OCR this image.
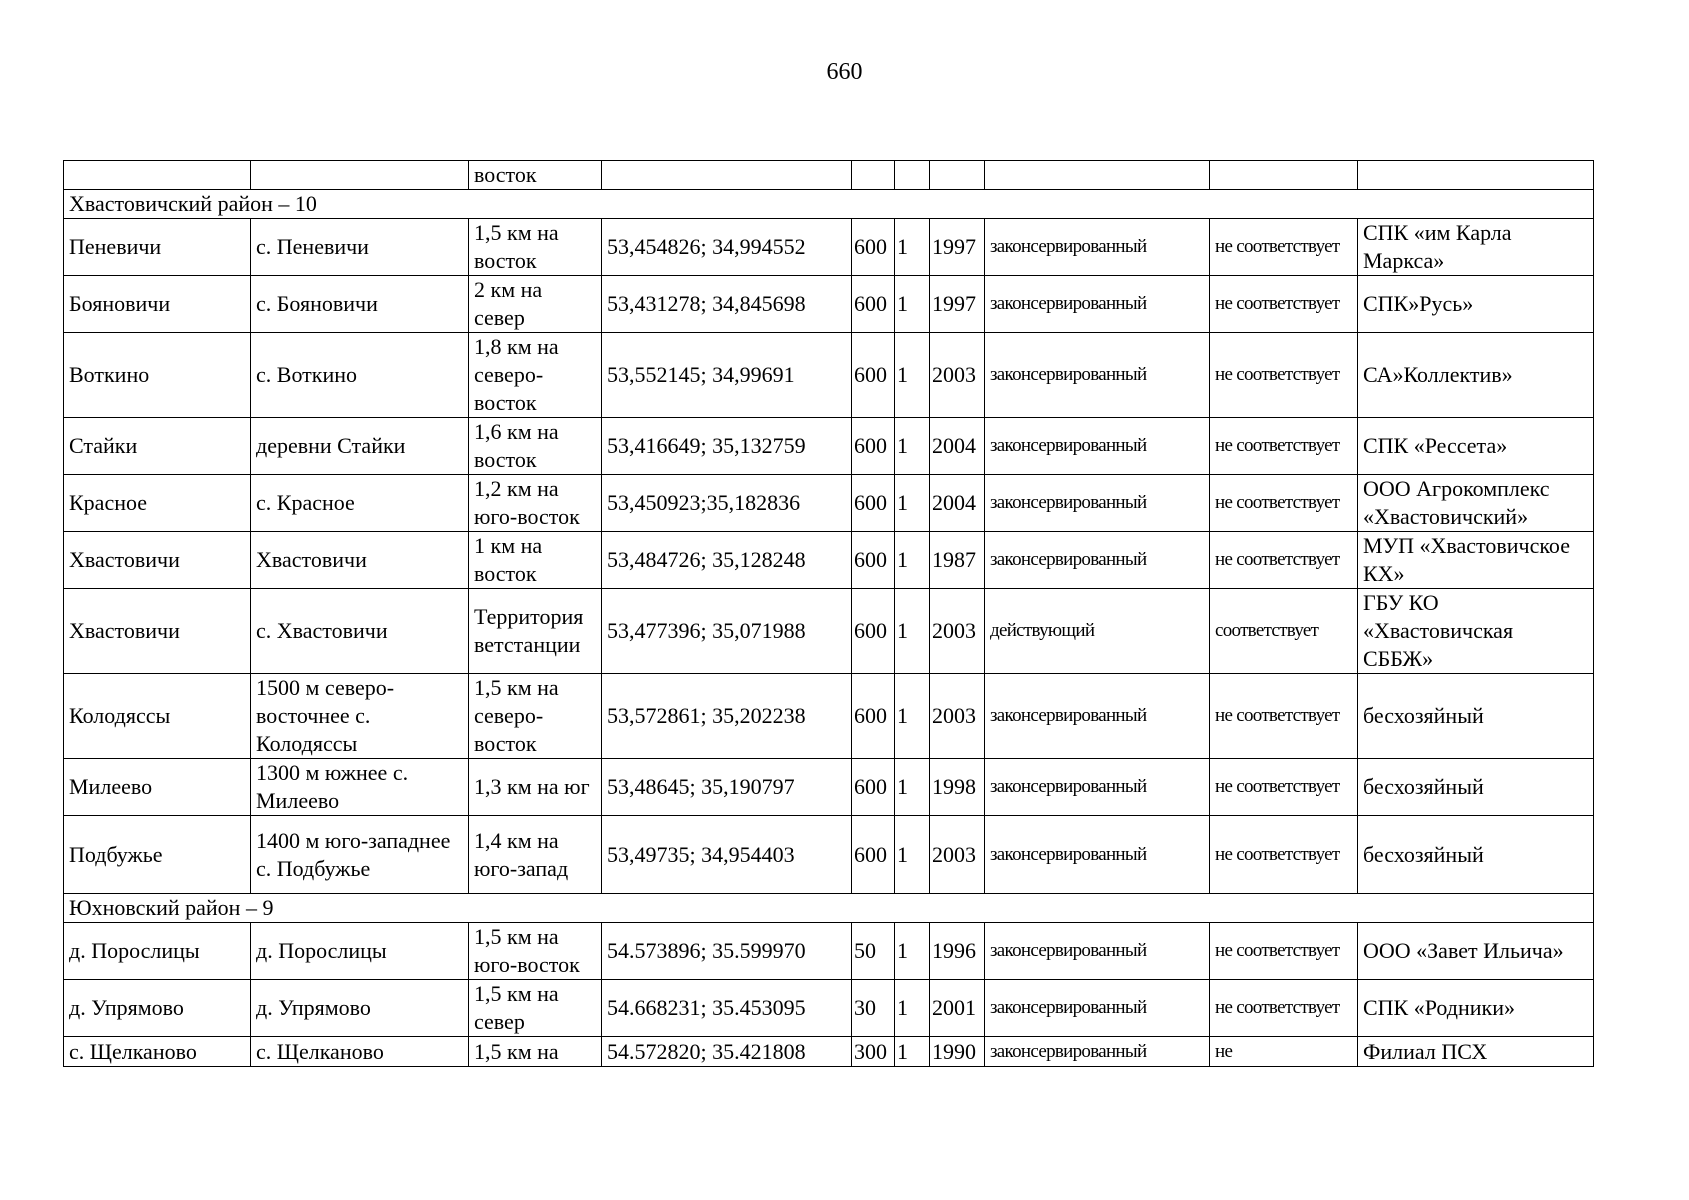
660
		восток							
Хвастовичский район – 10									
Пеневичи	с. Пеневичи	1,5 км на восток	53,454826; 34,994552	600	1	1997	законсервированный	не соответствует	СПК «им Карла Маркса»
Бояновичи	с. Бояновичи	2 км на север	53,431278; 34,845698	600	1	1997	законсервированный	не соответствует	СПК»Русь»
Воткино	с. Воткино	1,8 км на северо-восток	53,552145; 34,99691	600	1	2003	законсервированный	не соответствует	СА»Коллектив»
Стайки	деревни Стайки	1,6 км на восток	53,416649; 35,132759	600	1	2004	законсервированный	не соответствует	СПК «Рессета»
Красное	с. Красное	1,2 км на юго-восток	53,450923;35,182836	600	1	2004	законсервированный	не соответствует	ООО Агрокомплекс «Хвастовичский»
Хвастовичи	Хвастовичи	1 км на восток	53,484726; 35,128248	600	1	1987	законсервированный	не соответствует	МУП «Хвастовичское КХ»
Хвастовичи	с. Хвастовичи	Территория ветстанции	53,477396; 35,071988	600	1	2003	действующий	соответствует	ГБУ КО «Хвастовичская СББЖ»
Колодяссы	1500 м северо-восточнее с. Колодяссы	1,5 км на северо-восток	53,572861; 35,202238	600	1	2003	законсервированный	не соответствует	бесхозяйный
Милеево	1300 м южнее с. Милеево	1,3 км на юг	53,48645; 35,190797	600	1	1998	законсервированный	не соответствует	бесхозяйный
Подбужье	1400 м юго-западнее с. Подбужье	1,4 км на юго-запад	53,49735; 34,954403	600	1	2003	законсервированный	не соответствует	бесхозяйный
Юхновский район – 9									
д. Порослицы	д. Порослицы	1,5 км на юго-восток	54.573896; 35.599970	50	1	1996	законсервированный	не соответствует	ООО «Завет Ильича»
д. Упрямово	д. Упрямово	1,5 км на север	54.668231; 35.453095	30	1	2001	законсервированный	не соответствует	СПК «Родники»
с. Щелканово	с. Щелканово	1,5 км на	54.572820; 35.421808	300	1	1990	законсервированный	не	Филиал ПСХ
